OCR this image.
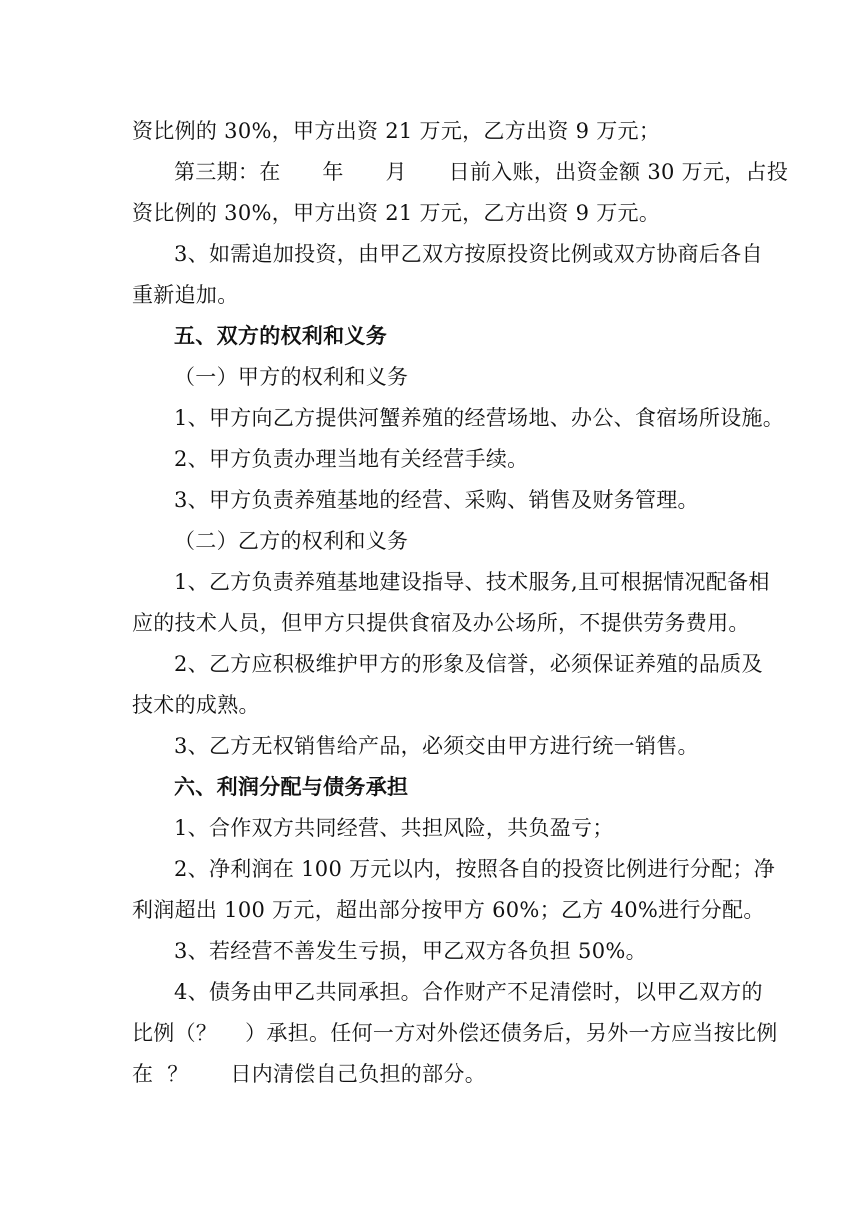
资比例的 30%，甲方出资 21 万元，乙方出资 9 万元；
第三期：在      年      月      日前入账，出资金额 30 万元，占投
资比例的 30%，甲方出资 21 万元，乙方出资 9 万元。
3、如需追加投资，由甲乙双方按原投资比例或双方协商后各自
重新追加。
五、双方的权利和义务
（一）甲方的权利和义务
1、甲方向乙方提供河蟹养殖的经营场地、办公、食宿场所设施。
2、甲方负责办理当地有关经营手续。
3、甲方负责养殖基地的经营、采购、销售及财务管理。
（二）乙方的权利和义务
1、乙方负责养殖基地建设指导、技术服务,且可根据情况配备相
应的技术人员，但甲方只提供食宿及办公场所，不提供劳务费用。
2、乙方应积极维护甲方的形象及信誉，必须保证养殖的品质及
技术的成熟。
3、乙方无权销售给产品，必须交由甲方进行统一销售。
六、利润分配与债务承担
1、合作双方共同经营、共担风险，共负盈亏；
2、净利润在 100 万元以内，按照各自的投资比例进行分配；净
利润超出 100 万元，超出部分按甲方 60%；乙方 40%进行分配。
3、若经营不善发生亏损，甲乙双方各负担 50%。
4、债务由甲乙共同承担。合作财产不足清偿时，以甲乙双方的
比例（？    ）承担。任何一方对外偿还债务后，另外一方应当按比例
在  ？      日内清偿自己负担的部分。
